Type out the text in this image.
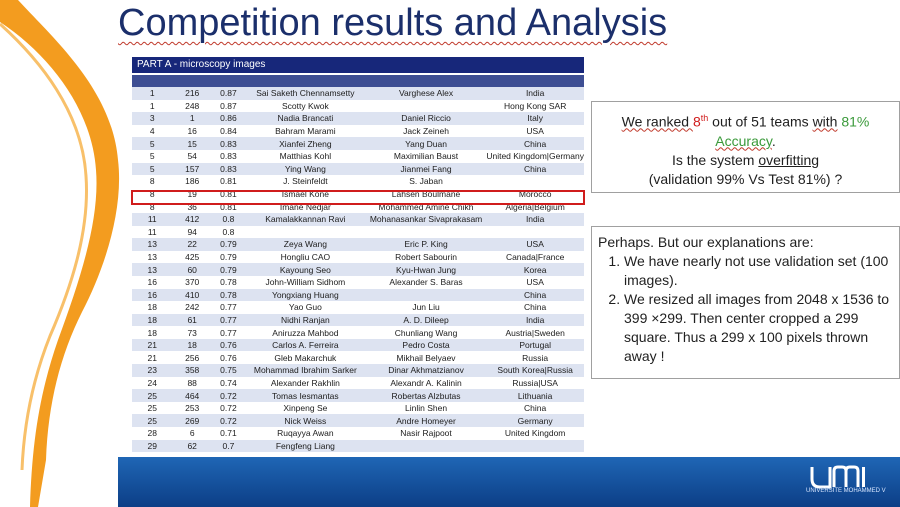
Competition results and Analysis
PART A - microscopy images
1	216	0.87	Sai Saketh Chennamsetty	Varghese Alex	India
1	248	0.87	Scotty Kwok		Hong Kong SAR
3	1	0.86	Nadia Brancati	Daniel Riccio	Italy
4	16	0.84	Bahram Marami	Jack Zeineh	USA
5	15	0.83	Xianfei Zheng	Yang Duan	China
5	54	0.83	Matthias Kohl	Maximilian Baust	United Kingdom|Germany
5	157	0.83	Ying Wang	Jianmei Fang	China
8	186	0.81	J. Steinfeldt	S. Jaban	
8	19	0.81	Ismael Kone	Lahsen Boulmane	Morocco
8	36	0.81	Imane Nedjar	Mohammed Amine Chikh	Algeria|Belgium
11	412	0.8	Kamalakkannan Ravi	Mohanasankar Sivaprakasam	India
11	94	0.8			
13	22	0.79	Zeya Wang	Eric P. King	USA
13	425	0.79	Hongliu CAO	Robert Sabourin	Canada|France
13	60	0.79	Kayoung Seo	Kyu-Hwan Jung	Korea
16	370	0.78	John-William Sidhom	Alexander S. Baras	USA
16	410	0.78	Yongxiang Huang		China
18	242	0.77	Yao Guo	Jun Liu	China
18	61	0.77	Nidhi Ranjan	A. D. Dileep	India
18	73	0.77	Aniruzza Mahbod	Chunliang Wang	Austria|Sweden
21	18	0.76	Carlos A. Ferreira	Pedro Costa	Portugal
21	256	0.76	Gleb Makarchuk	Mikhail Belyaev	Russia
23	358	0.75	Mohammad Ibrahim Sarker	Dinar Akhmatzianov	South Korea|Russia
24	88	0.74	Alexander Rakhlin	Alexandr A. Kalinin	Russia|USA
25	464	0.72	Tomas Iesmantas	Robertas Alzbutas	Lithuania
25	253	0.72	Xinpeng Se	Linlin Shen	China
25	269	0.72	Nick Weiss	Andre Homeyer	Germany
28	6	0.71	Ruqayya Awan	Nasir Rajpoot	United Kingdom
29	62	0.7	Fengfeng Liang		
We ranked 8th out of 51 teams with 81%
Accuracy.
Is the system overfitting
(validation 99% Vs Test 81%) ?
Perhaps. But our explanations are:
1. We have nearly not use validation set (100 images).
2. We resized all images from 2048 x 1536 to 399 ×299. Then center cropped a 299 square. Thus a 299 x 100 pixels thrown away !
UNIVERSITE MOHAMMED V
